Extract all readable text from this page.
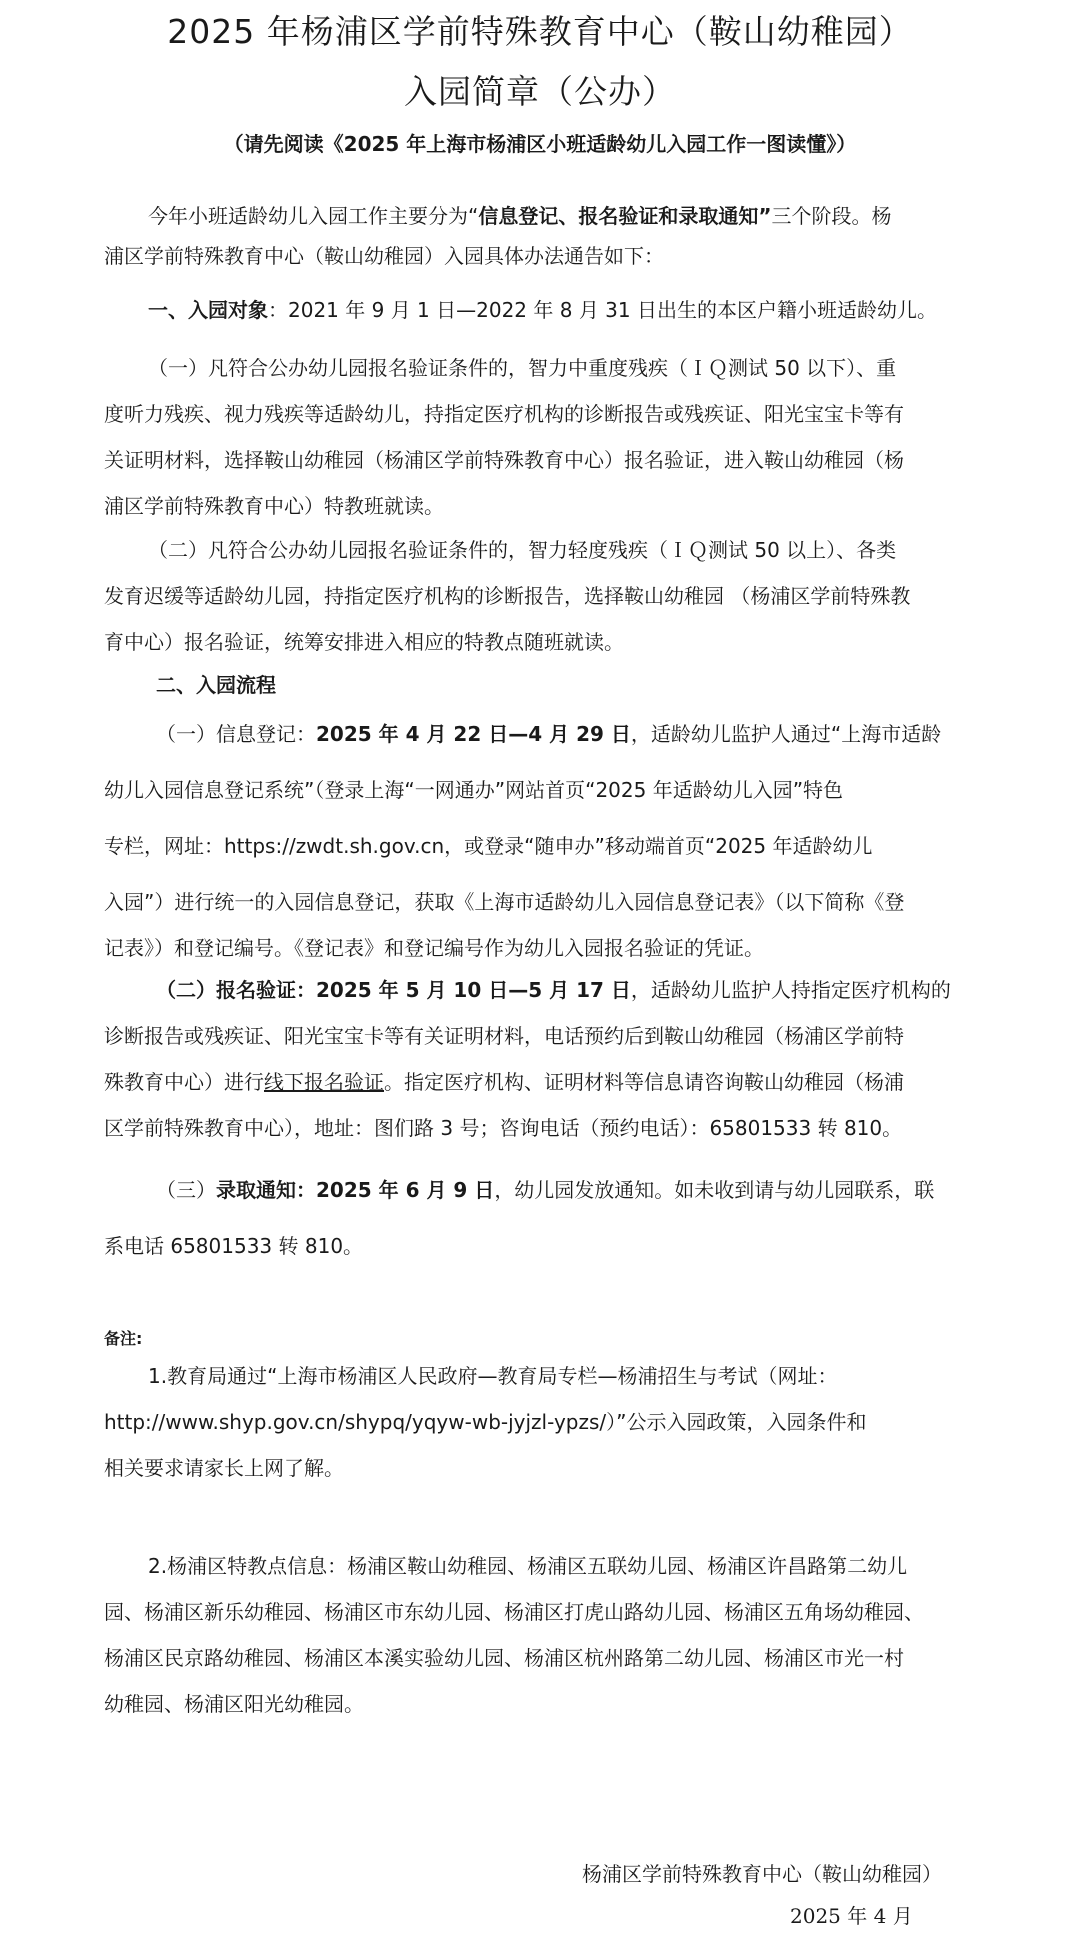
2025 年杨浦区学前特殊教育中心（鞍山幼稚园）
入园简章（公办）
（请先阅读《2025 年上海市杨浦区小班适龄幼儿入园工作一图读懂》）
今年小班适龄幼儿入园工作主要分为“信息登记、报名验证和录取通知”三个阶段。杨
浦区学前特殊教育中心（鞍山幼稚园）入园具体办法通告如下：
一、入园对象：2021 年 9 月 1 日—2022 年 8 月 31 日出生的本区户籍小班适龄幼儿。
（一）凡符合公办幼儿园报名验证条件的，智力中重度残疾（ＩＱ测试 50 以下）、重
度听力残疾、视力残疾等适龄幼儿，持指定医疗机构的诊断报告或残疾证、阳光宝宝卡等有
关证明材料，选择鞍山幼稚园（杨浦区学前特殊教育中心）报名验证，进入鞍山幼稚园（杨
浦区学前特殊教育中心）特教班就读。
（二）凡符合公办幼儿园报名验证条件的，智力轻度残疾（ＩＱ测试 50 以上）、各类
发育迟缓等适龄幼儿园，持指定医疗机构的诊断报告，选择鞍山幼稚园 （杨浦区学前特殊教
育中心）报名验证，统筹安排进入相应的特教点随班就读。
二、入园流程
（一）信息登记：2025 年 4 月 22 日—4 月 29 日，适龄幼儿监护人通过“上海市适龄
幼儿入园信息登记系统”（登录上海“一网通办”网站首页“2025 年适龄幼儿入园”特色
专栏，网址：https://zwdt.sh.gov.cn，或登录“随申办”移动端首页“2025 年适龄幼儿
入园”）进行统一的入园信息登记，获取《上海市适龄幼儿入园信息登记表》（以下简称《登
记表》）和登记编号。《登记表》和登记编号作为幼儿入园报名验证的凭证。
（二）报名验证：2025 年 5 月 10 日—5 月 17 日，适龄幼儿监护人持指定医疗机构的
诊断报告或残疾证、阳光宝宝卡等有关证明材料，电话预约后到鞍山幼稚园（杨浦区学前特
殊教育中心）进行线下报名验证。指定医疗机构、证明材料等信息请咨询鞍山幼稚园（杨浦
区学前特殊教育中心），地址：图们路 3 号；咨询电话（预约电话）：65801533 转 810。
（三）录取通知：2025 年 6 月 9 日，幼儿园发放通知。如未收到请与幼儿园联系，联
系电话 65801533 转 810。
备注:
1.教育局通过“上海市杨浦区人民政府—教育局专栏—杨浦招生与考试（网址：
http://www.shyp.gov.cn/shypq/yqyw-wb-jyjzl-ypzs/）”公示入园政策，入园条件和
相关要求请家长上网了解。
2.杨浦区特教点信息：杨浦区鞍山幼稚园、杨浦区五联幼儿园、杨浦区许昌路第二幼儿
园、杨浦区新乐幼稚园、杨浦区市东幼儿园、杨浦区打虎山路幼儿园、杨浦区五角场幼稚园、
杨浦区民京路幼稚园、杨浦区本溪实验幼儿园、杨浦区杭州路第二幼儿园、杨浦区市光一村
幼稚园、杨浦区阳光幼稚园。
杨浦区学前特殊教育中心（鞍山幼稚园）
2025 年 4 月
